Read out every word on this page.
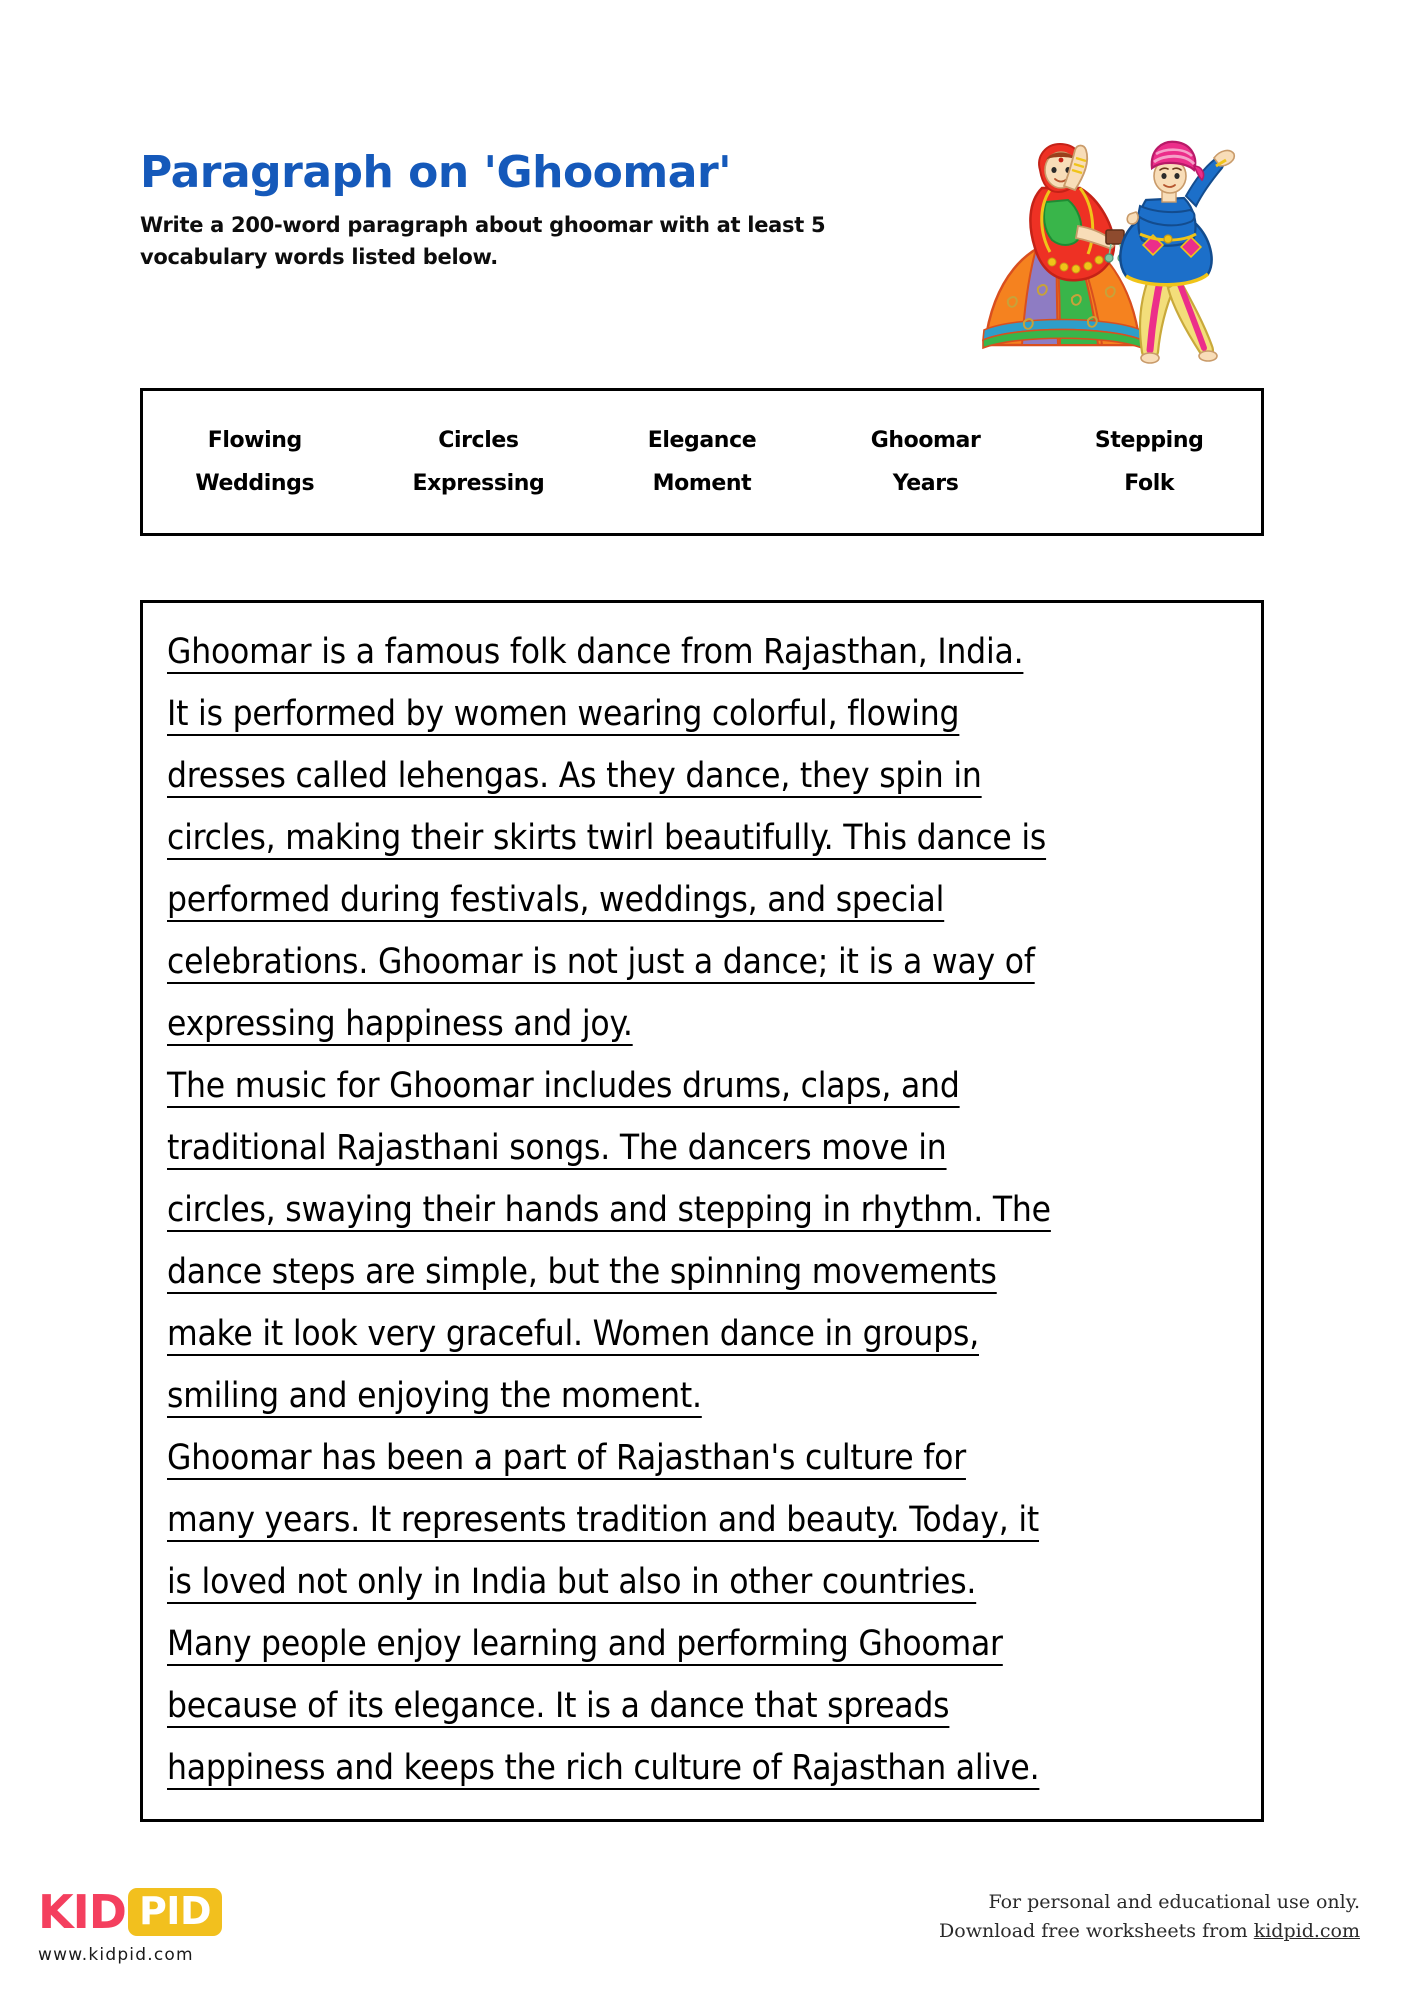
Paragraph on 'Ghoomar'

Write a 200-word paragraph about ghoomar with at least 5 vocabulary words listed below.

Flowing	Circles	Elegance	Ghoomar	Stepping
Weddings	Expressing	Moment	Years	Folk
Ghoomar is a famous folk dance from Rajasthan, India.
It is performed by women wearing colorful, flowing
dresses called lehengas. As they dance, they spin in
circles, making their skirts twirl beautifully. This dance is
performed during festivals, weddings, and special
celebrations. Ghoomar is not just a dance; it is a way of
expressing happiness and joy.
The music for Ghoomar includes drums, claps, and
traditional Rajasthani songs. The dancers move in
circles, swaying their hands and stepping in rhythm. The
dance steps are simple, but the spinning movements
make it look very graceful. Women dance in groups,
smiling and enjoying the moment.
Ghoomar has been a part of Rajasthan's culture for
many years. It represents tradition and beauty. Today, it
is loved not only in India but also in other countries.
Many people enjoy learning and performing Ghoomar
because of its elegance. It is a dance that spreads
happiness and keeps the rich culture of Rajasthan alive.
KID PID
www.kidpid.com
For personal and educational use only.
Download free worksheets from kidpid.com
